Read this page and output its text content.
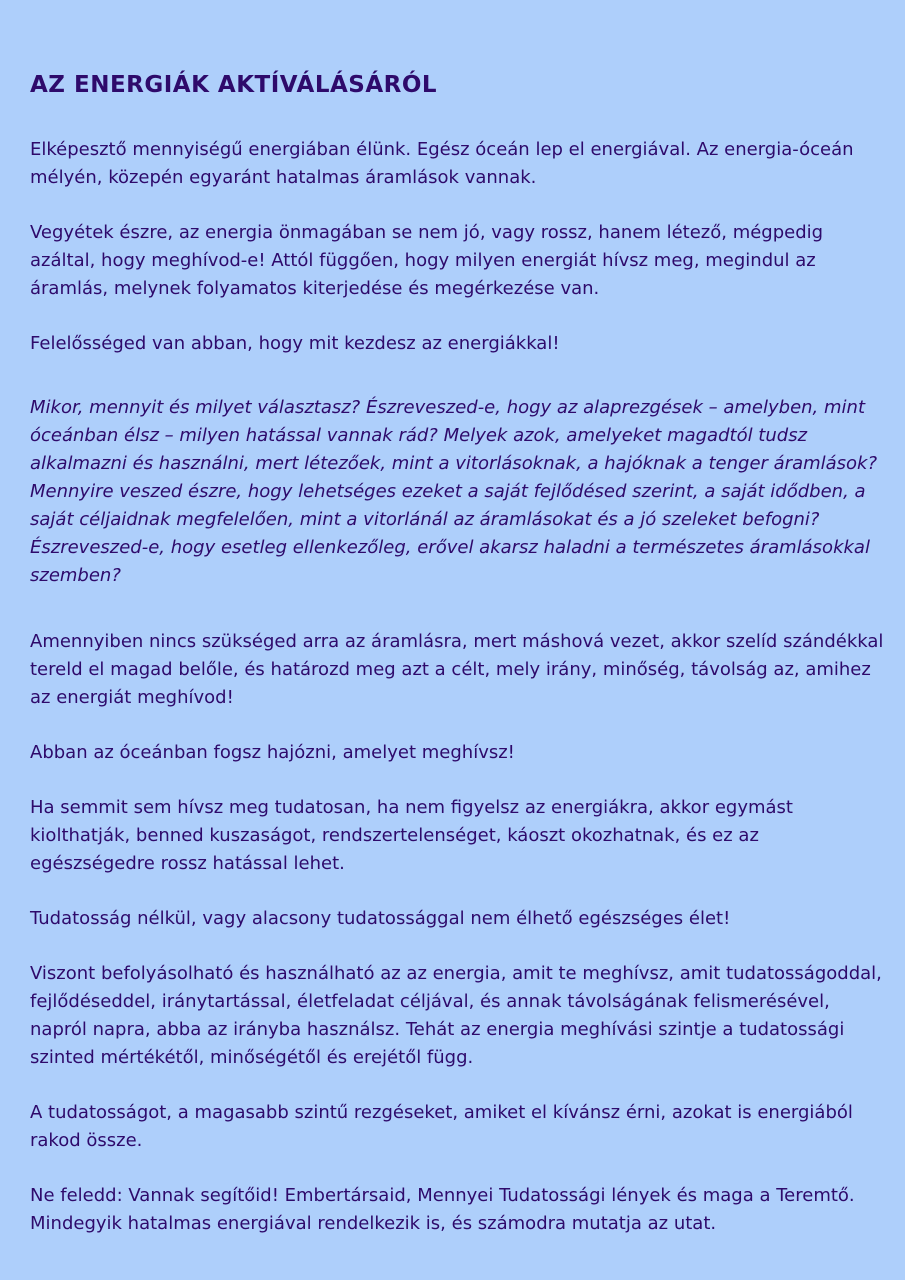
AZ ENERGIÁK AKTÍVÁLÁSÁRÓL

Elképesztő mennyiségű energiában élünk. Egész óceán lep el energiával. Az energia-óceán mélyén, közepén egyaránt hatalmas áramlások vannak.

Vegyétek észre, az energia önmagában se nem jó, vagy rossz, hanem létező, mégpedig azáltal, hogy meghívod-e! Attól függően, hogy milyen energiát hívsz meg, megindul az áramlás, melynek folyamatos kiterjedése és megérkezése van.

Felelősséged van abban, hogy mit kezdesz az energiákkal!

Mikor, mennyit és milyet választasz? Észreveszed-e, hogy az alaprezgések – amelyben, mint óceánban élsz – milyen hatással vannak rád? Melyek azok, amelyeket magadtól tudsz alkalmazni és használni, mert létezőek, mint a vitorlásoknak, a hajóknak a tenger áramlások? Mennyire veszed észre, hogy lehetséges ezeket a saját fejlődésed szerint, a saját idődben, a saját céljaidnak megfelelően, mint a vitorlánál az áramlásokat és a jó szeleket befogni? Észreveszed-e, hogy esetleg ellenkezőleg, erővel akarsz haladni a természetes áramlásokkal szemben?

Amennyiben nincs szükséged arra az áramlásra, mert máshová vezet, akkor szelíd szándékkal tereld el magad belőle, és határozd meg azt a célt, mely irány, minőség, távolság az, amihez az energiát meghívod!

Abban az óceánban fogsz hajózni, amelyet meghívsz!

Ha semmit sem hívsz meg tudatosan, ha nem figyelsz az energiákra, akkor egymást kiolthatják, benned kuszaságot, rendszertelenséget, káoszt okozhatnak, és ez az egészségedre rossz hatással lehet.

Tudatosság nélkül, vagy alacsony tudatossággal nem élhető egészséges élet!

Viszont befolyásolható és használható az az energia, amit te meghívsz, amit tudatosságoddal, fejlődéseddel, iránytartással, életfeladat céljával, és annak távolságának felismerésével, napról napra, abba az irányba használsz. Tehát az energia meghívási szintje a tudatossági szinted mértékétől, minőségétől és erejétől függ.

A tudatosságot, a magasabb szintű rezgéseket, amiket el kívánsz érni, azokat is energiából rakod össze.

Ne feledd: Vannak segítőid! Embertársaid, Mennyei Tudatossági lények és maga a Teremtő. Mindegyik hatalmas energiával rendelkezik is, és számodra mutatja az utat.
